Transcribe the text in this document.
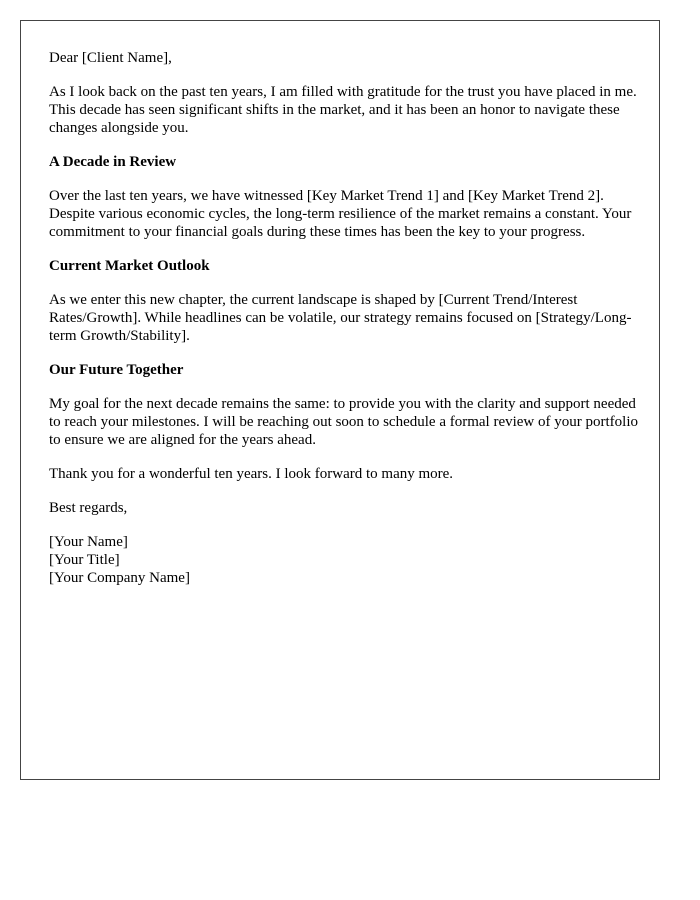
Dear [Client Name],

As I look back on the past ten years, I am filled with gratitude for the trust you have placed in me. This decade has seen significant shifts in the market, and it has been an honor to navigate these changes alongside you.

A Decade in Review

Over the last ten years, we have witnessed [Key Market Trend 1] and [Key Market Trend 2]. Despite various economic cycles, the long-term resilience of the market remains a constant. Your commitment to your financial goals during these times has been the key to your progress.

Current Market Outlook

As we enter this new chapter, the current landscape is shaped by [Current Trend/Interest Rates/Growth]. While headlines can be volatile, our strategy remains focused on [Strategy/Long-term Growth/Stability].

Our Future Together

My goal for the next decade remains the same: to provide you with the clarity and support needed to reach your milestones. I will be reaching out soon to schedule a formal review of your portfolio to ensure we are aligned for the years ahead.

Thank you for a wonderful ten years. I look forward to many more.

Best regards,

[Your Name]

[Your Title]

[Your Company Name]
